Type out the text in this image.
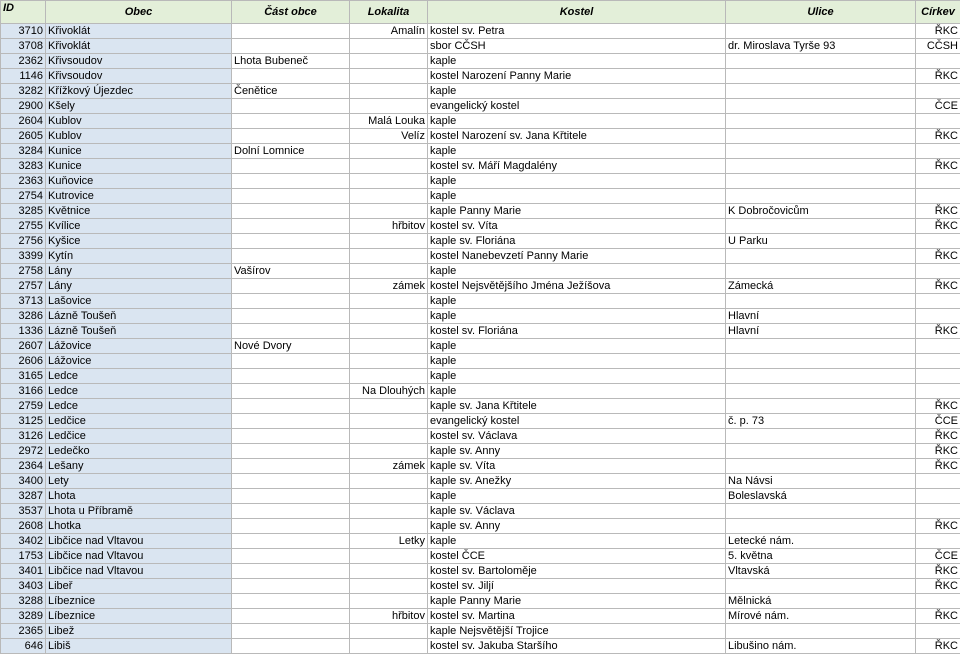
ID	Obec	Část obce	Lokalita	Kostel	Ulice	Církev
3710	Křivoklát		Amalín	kostel sv. Petra		ŘKC
3708	Křivoklát			sbor CČSH	dr. Miroslava Tyrše 93	CČSH
2362	Křivsoudov	Lhota Bubeneč		kaple		
1146	Křivsoudov			kostel Narození Panny Marie		ŘKC
3282	Křížkový Újezdec	Čenětice		kaple		
2900	Kšely			evangelický kostel		ČCE
2604	Kublov		Malá Louka	kaple		
2605	Kublov		Velíz	kostel Narození sv. Jana Křtitele		ŘKC
3284	Kunice	Dolní Lomnice		kaple		
3283	Kunice			kostel sv. Máří Magdalény		ŘKC
2363	Kuňovice			kaple		
2754	Kutrovice			kaple		
3285	Květnice			kaple Panny Marie	K Dobročovicům	ŘKC
2755	Kvílice		hřbitov	kostel sv. Víta		ŘKC
2756	Kyšice			kaple sv. Floriána	U Parku	
3399	Kytín			kostel Nanebevzetí Panny Marie		ŘKC
2758	Lány	Vašírov		kaple		
2757	Lány		zámek	kostel Nejsvětějšího Jména Ježíšova	Zámecká	ŘKC
3713	Lašovice			kaple		
3286	Lázně Toušeň			kaple	Hlavní	
1336	Lázně Toušeň			kostel sv. Floriána	Hlavní	ŘKC
2607	Lážovice	Nové Dvory		kaple		
2606	Lážovice			kaple		
3165	Ledce			kaple		
3166	Ledce		Na Dlouhých	kaple		
2759	Ledce			kaple sv. Jana Křtitele		ŘKC
3125	Ledčice			evangelický kostel	č. p. 73	ČCE
3126	Ledčice			kostel sv. Václava		ŘKC
2972	Ledečko			kaple sv. Anny		ŘKC
2364	Lešany		zámek	kaple sv. Víta		ŘKC
3400	Lety			kaple sv. Anežky	Na Návsi	
3287	Lhota			kaple	Boleslavská	
3537	Lhota u Příbramě			kaple sv. Václava		
2608	Lhotka			kaple sv. Anny		ŘKC
3402	Libčice nad Vltavou		Letky	kaple	Letecké nám.	
1753	Libčice nad Vltavou			kostel ČCE	5. května	ČCE
3401	Libčice nad Vltavou			kostel sv. Bartoloměje	Vltavská	ŘKC
3403	Libeř			kostel sv. Jiljí		ŘKC
3288	Líbeznice			kaple Panny Marie	Mělnická	
3289	Líbeznice		hřbitov	kostel sv. Martina	Mírové nám.	ŘKC
2365	Libež			kaple Nejsvětější Trojice		
646	Libiš			kostel sv. Jakuba Staršího	Libušino nám.	ŘKC
